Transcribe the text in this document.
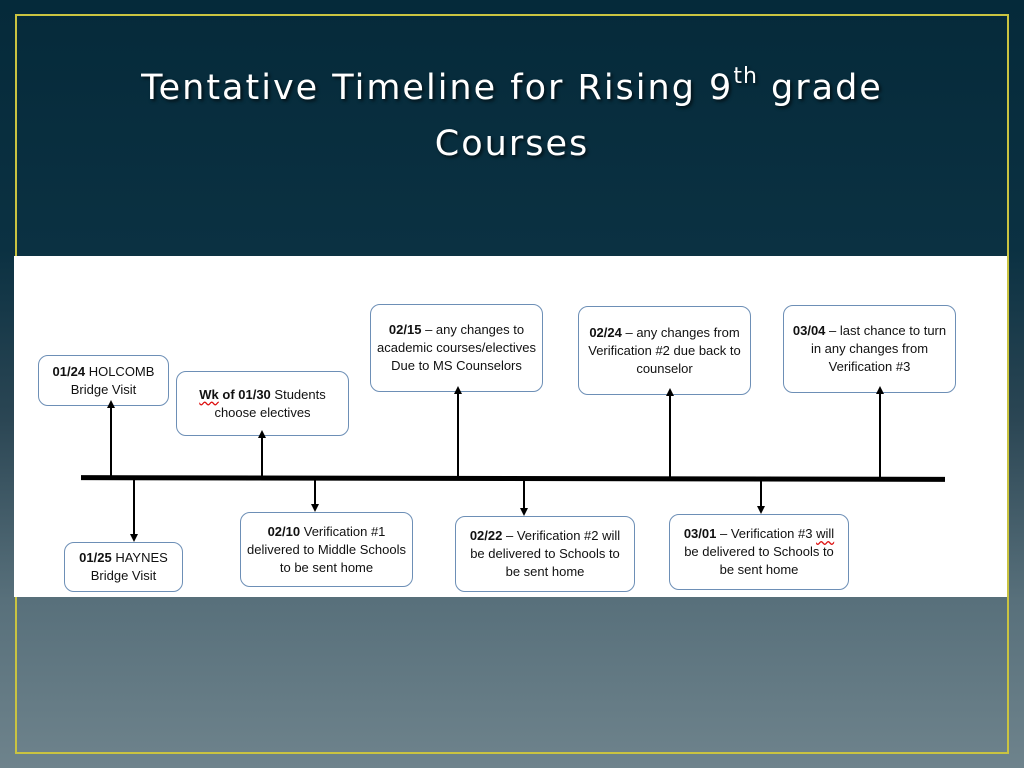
Tentative Timeline for Rising 9th grade
Courses
01/24 HOLCOMB Bridge Visit	Wk of 01/30 Students choose electives
02/15 – any changes to academic courses/electives Due to MS Counselors
02/24 – any changes from Verification #2 due back to counselor
03/04 – last chance to turn in any changes from Verification #3
01/25 HAYNES Bridge Visit
02/10 Verification #1 delivered to Middle Schools to be sent home
02/22 – Verification #2 will be delivered to Schools to be sent home
03/01 – Verification #3 will be delivered to Schools to be sent home
